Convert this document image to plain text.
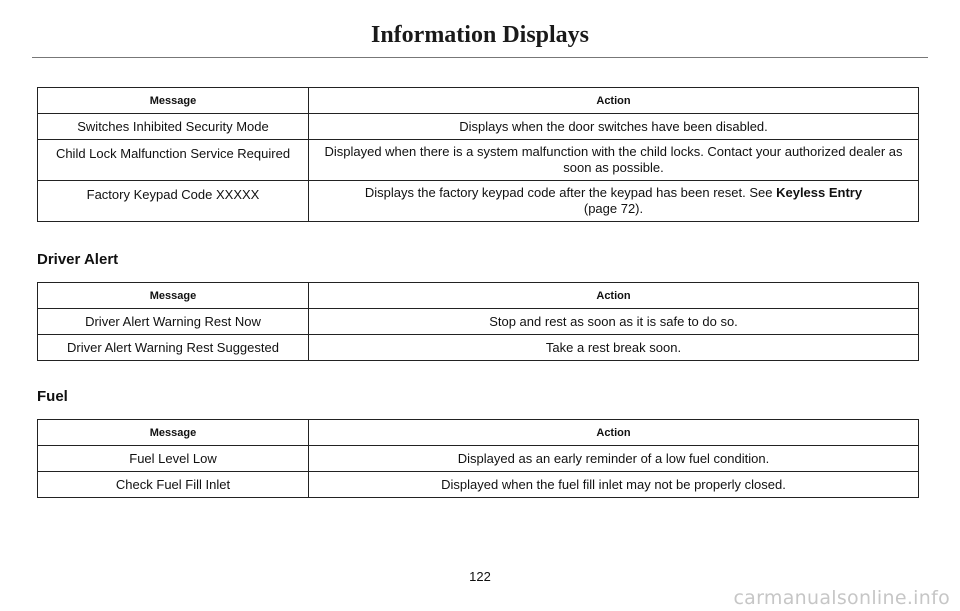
Information Displays
Message	Action
Switches Inhibited Security Mode	Displays when the door switches have been disabled.
Child Lock Malfunction Service Required	Displayed when there is a system malfunction with the child locks. Contact your authorized dealer as soon as possible.
Factory Keypad Code XXXXX	Displays the factory keypad code after the keypad has been reset. See Keyless Entry (page 72).
Driver Alert
Message	Action
Driver Alert Warning Rest Now	Stop and rest as soon as it is safe to do so.
Driver Alert Warning Rest Suggested	Take a rest break soon.
Fuel
Message	Action
Fuel Level Low	Displayed as an early reminder of a low fuel condition.
Check Fuel Fill Inlet	Displayed when the fuel fill inlet may not be properly closed.
122
carmanualsonline.info
